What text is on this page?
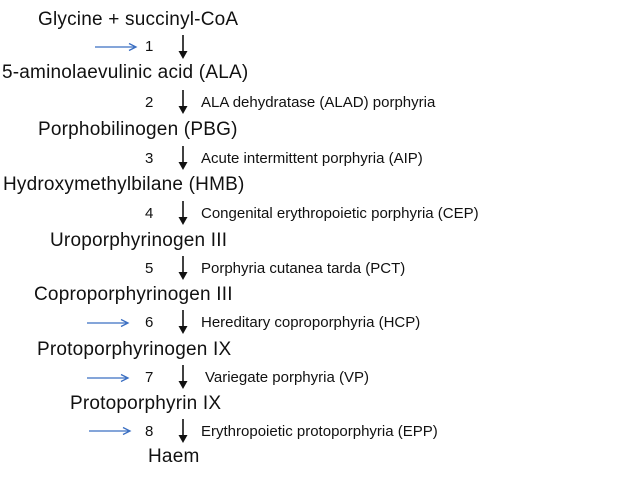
Glycine + succinyl-CoA
5-aminolaevulinic acid (ALA)
Porphobilinogen (PBG)
Hydroxymethylbilane (HMB)
Uroporphyrinogen III
Coproporphyrinogen III
Protoporphyrinogen IX
Protoporphyrin IX
Haem
1
2	ALA dehydratase (ALAD) porphyria
3	Acute intermittent porphyria (AIP)
4	Congenital erythropoietic porphyria (CEP)
5	Porphyria cutanea tarda (PCT)
6	Hereditary coproporphyria (HCP)
7	Variegate porphyria (VP)
8	Erythropoietic protoporphyria (EPP)
